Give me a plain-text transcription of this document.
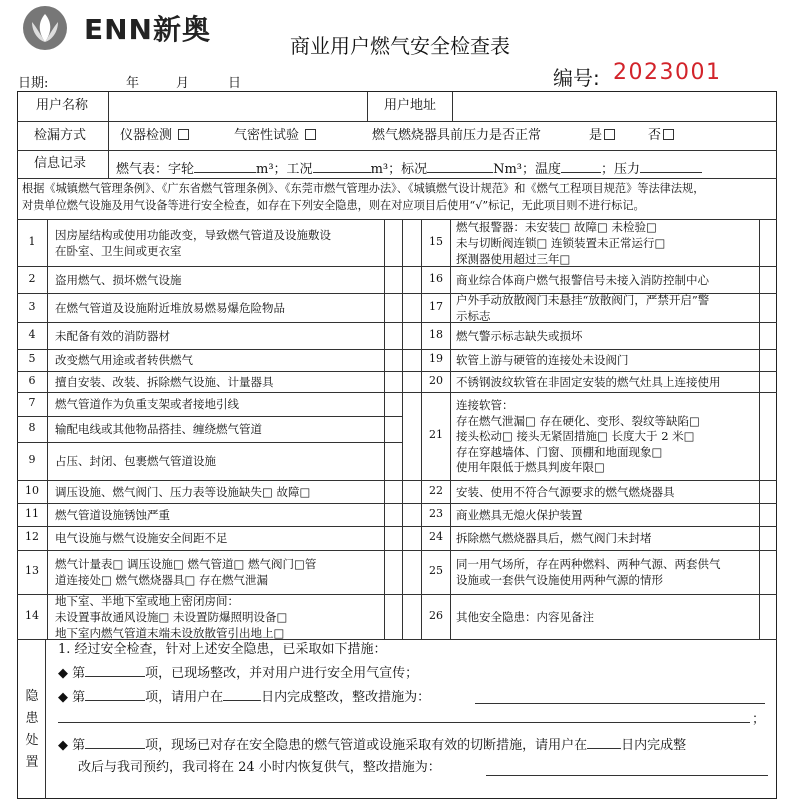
ENN新奥	商业用户燃气安全检查表
日期:	年	月	日	编号: 2023001
用户名称	用户地址
检漏方式	仪器检测	气密性试验	燃气燃烧器具前压力是否正常	是	否
信息记录 燃气表：字轮	m³；工况	m³；标况	Nm³；温度	；压力
根据《城镇燃气管理条例》、《广东省燃气管理条例》、《东莞市燃气管理办法》、《城镇燃气设计规范》和《燃气工程项目规范》等法律法规，
对贵单位燃气设施及用气设备等进行安全检查，如存在下列安全隐患，则在对应项目后使用“√”标记，无此项目则不进行标记。
1	因房屋结构或使用功能改变，导致燃气管道及设施敷设
在卧室、卫生间或更衣室
2	盗用燃气、损坏燃气设施
3	在燃气管道及设施附近堆放易燃易爆危险物品
4	未配备有效的消防器材
5	改变燃气用途或者转供燃气
6	擅自安装、改装、拆除燃气设施、计量器具
7	燃气管道作为负重支架或者接地引线
8	输配电线或其他物品搭挂、缠绕燃气管道
9	占压、封闭、包裹燃气管道设施
10	调压设施、燃气阀门、压力表等设施缺失□ 故障□
11	燃气管道设施锈蚀严重
12	电气设施与燃气设施安全间距不足
13	燃气计量表□ 调压设施□ 燃气管道□ 燃气阀门□管
道连接处□ 燃气燃烧器具□ 存在燃气泄漏
14
地下室、半地下室或地上密闭房间：
未设置事故通风设施□ 未设置防爆照明设备□
地下室内燃气管道末端未设放散管引出地上□
15
燃气报警器：未安装□ 故障□ 未检验□
未与切断阀连锁□ 连锁装置未正常运行□
探测器使用超过三年□
16	商业综合体商户燃气报警信号未接入消防控制中心
17	户外手动放散阀门未悬挂“放散阀门，严禁开启”警
示标志
18	燃气警示标志缺失或损坏
19	软管上游与硬管的连接处未设阀门
20	不锈钢波纹软管在非固定安装的燃气灶具上连接使用
21
连接软管：
存在燃气泄漏□ 存在硬化、变形、裂纹等缺陷□
接头松动□ 接头无紧固措施□ 长度大于 2 米□
存在穿越墙体、门窗、顶棚和地面现象□
使用年限低于燃具判废年限□
22	安装、使用不符合气源要求的燃气燃烧器具
23	商业燃具无熄火保护装置
24	拆除燃气燃烧器具后，燃气阀门未封堵
25	同一用气场所，存在两种燃料、两种气源、两套供气
设施或一套供气设施使用两种气源的情形
26	其他安全隐患：内容见备注
隐
患
处
置
1. 经过安全检查，针对上述安全隐患，已采取如下措施：
◆ 第	项，已现场整改，并对用户进行安全用气宣传；
◆ 第	项，请用户在	日内完成整改，整改措施为：
；
◆ 第	项，现场已对存在安全隐患的燃气管道或设施采取有效的切断措施，请用户在	日内完成整
改后与我司预约，我司将在 24 小时内恢复供气，整改措施为：
